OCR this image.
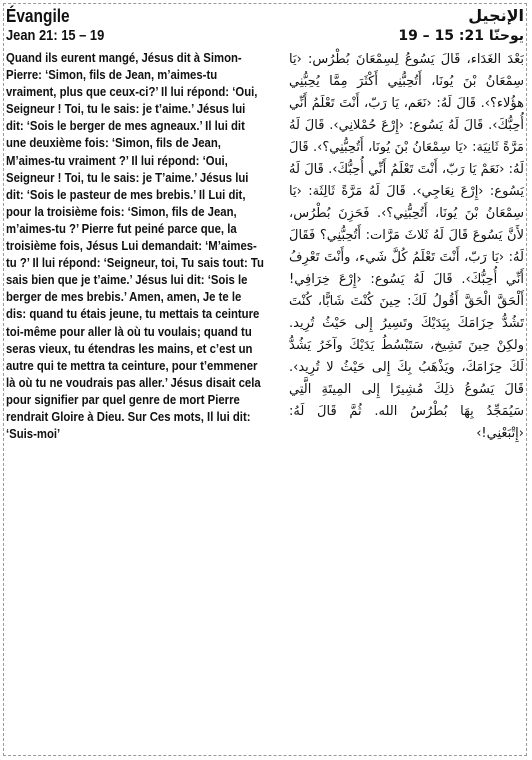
Évangile
Jean 21: 15 – 19

Quand ils eurent mangé, Jésus dit à Simon-Pierre: ‘Simon, fils de Jean, m’aimes-tu vraiment, plus que ceux-ci?’ Il lui répond: ‘Oui, Seigneur ! Toi, tu le sais: je t’aime.’ Jésus lui dit: ‘Sois le berger de mes agneaux.’ Il lui dit une deuxième fois: ‘Simon, fils de Jean, M’aimes-tu vraiment ?’ Il lui répond: ‘Oui, Seigneur ! Toi, tu le sais: je T’aime.’ Jésus lui dit: ‘Sois le pasteur de mes brebis.’ Il Lui dit, pour la troisième fois: ‘Simon, fils de Jean, m’aimes-tu ?’ Pierre fut peiné parce que, la troisième fois, Jésus Lui demandait: ‘M’aimes-tu ?’ Il lui répond: ‘Seigneur, toi, Tu sais tout: Tu sais bien que je t’aime.’ Jésus lui dit: ‘Sois le berger de mes brebis.’ Amen, amen, Je te le dis: quand tu étais jeune, tu mettais ta ceinture toi-même pour aller là où tu voulais; quand tu seras vieux, tu étendras les mains, et c’est un autre qui te mettra ta ceinture, pour t’emmener là où tu ne voudrais pas aller.’ Jésus disait cela pour signifier par quel genre de mort Pierre rendrait Gloire à Dieu. Sur Ces mots, Il lui dit: ‘Suis-moi’

الإنجيل
يوحنّا 21: 15 – 19

بَعْدَ الغَدَاء، قَالَ يَسُوعُ لِسِمْعَانَ بُطْرُس: ‹يَا سِمْعَانُ بْنَ يُونَا، أَتُحِبُّنِي أَكْثَرَ مِمَّا يُحِبُّنِي هؤُلاء؟›. قَالَ لَهُ: ‹نَعَم، يَا رَبّ، أَنْتَ تَعْلَمُ أَنِّي أُحِبُّكَ›. قَالَ لَهُ يَسُوع: ‹إِرْعَ حُمْلانِي›. قَالَ لَهُ مَرَّةً ثَانِيَة: ‹يَا سِمْعَانُ بْنَ يُونَا، أَتُحِبُّنِي؟›. قَالَ لَهُ: ‹نَعَمْ يَا رَبّ، أَنْتَ تَعْلَمُ أَنِّي أُحِبُّكَ›. قَالَ لَهُ يَسُوع: ‹إِرْعَ نِعَاجِي›. قَالَ لَهُ مَرَّةً ثَالِثَة: ‹يَا سِمْعَانُ بْنَ يُونَا، أَتُحِبُّنِي؟›. فَحَزِنَ بُطْرُس، لأَنَّ يَسُوعَ قَالَ لَهُ ثَلاثَ مَرَّات: أَتُحِبُّنِي؟ فَقَالَ لَهُ: ‹يَا رَبّ، أَنْتَ تَعْلَمُ كُلَّ شَيء، وأَنْتَ تَعْرِفُ أَنِّي أُحِبُّكَ›. قَالَ لَهُ يَسُوع: ‹إِرْعَ خِرَافِي! أَلْحَقَّ الْحَقَّ أَقُولُ لَكَ: حِينَ كُنْتَ شَابًّا، كُنْتَ تَشُدُّ حِزَامَكَ بِيَدَيْكَ وتَسِيرُ إِلى حَيْثُ تُرِيد. ولكِنْ حِينَ تَشِيخ، سَتَبْسُطُ يَدَيْكَ وآخَرُ يَشُدُّ لَكَ حِزَامَكَ، ويَذْهَبُ بِكَ إِلى حَيْثُ لا تُرِيد›. قَالَ يَسُوعُ ذلِكَ مُشِيرًا إِلى المِيتَةِ الَّتِي سَيُمَجِّدُ بِهَا بُطْرُسُ الله. ثُمَّ قَالَ لَهُ: ‹إِتْبَعْنِي!›
